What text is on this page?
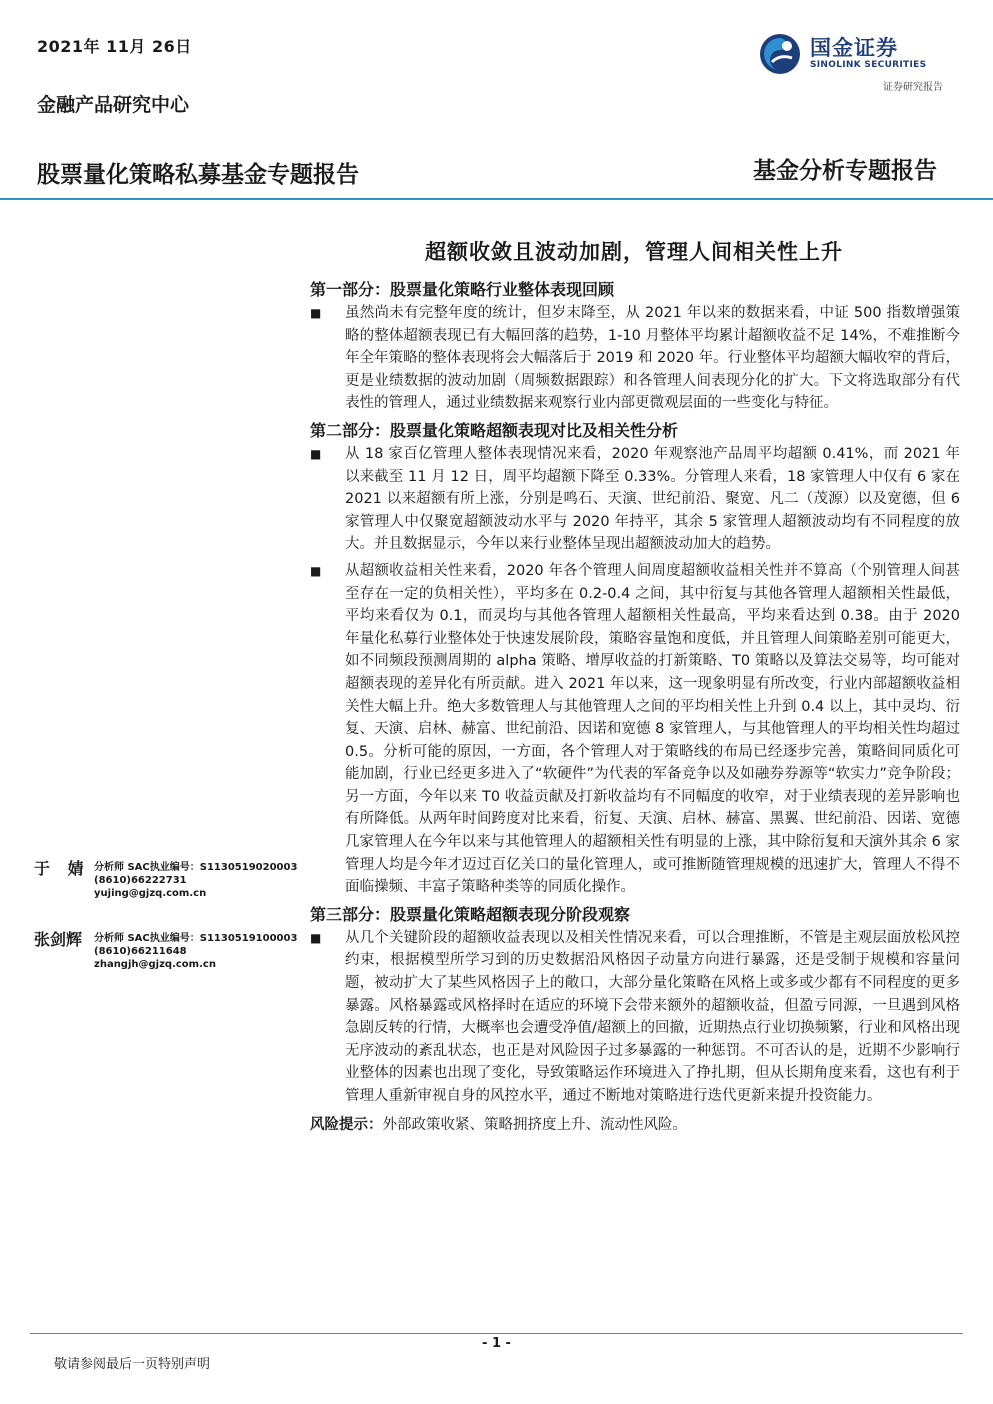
2021年 11月 26日
金融产品研究中心
股票量化策略私募基金专题报告	基金分析专题报告
国金证券
SINOLINK SECURITIES
证券研究报告
超额收敛且波动加剧，管理人间相关性上升

第一部分：股票量化策略行业整体表现回顾

■	虽然尚未有完整年度的统计，但岁末降至，从 2021 年以来的数据来看，中证 500 指数增强策略的整体超额表现已有大幅回落的趋势，1-10 月整体平均累计超额收益不足 14%，不难推断今年全年策略的整体表现将会大幅落后于 2019 和 2020 年。行业整体平均超额大幅收窄的背后，更是业绩数据的波动加剧（周频数据跟踪）和各管理人间表现分化的扩大。下文将选取部分有代表性的管理人，通过业绩数据来观察行业内部更微观层面的一些变化与特征。

第二部分：股票量化策略超额表现对比及相关性分析

■	从 18 家百亿管理人整体表现情况来看，2020 年观察池产品周平均超额 0.41%，而 2021 年以来截至 11 月 12 日，周平均超额下降至 0.33%。分管理人来看，18 家管理人中仅有 6 家在 2021 以来超额有所上涨，分别是鸣石、天演、世纪前沿、聚宽、凡二（茂源）以及宽德，但 6 家管理人中仅聚宽超额波动水平与 2020 年持平，其余 5 家管理人超额波动均有不同程度的放大。并且数据显示，今年以来行业整体呈现出超额波动加大的趋势。
■	从超额收益相关性来看，2020 年各个管理人间周度超额收益相关性并不算高（个别管理人间甚至存在一定的负相关性），平均多在 0.2-0.4 之间，其中衍复与其他各管理人超额相关性最低，平均来看仅为 0.1，而灵均与其他各管理人超额相关性最高，平均来看达到 0.38。由于 2020 年量化私募行业整体处于快速发展阶段，策略容量饱和度低，并且管理人间策略差别可能更大，如不同频段预测周期的 alpha 策略、增厚收益的打新策略、T0 策略以及算法交易等，均可能对超额表现的差异化有所贡献。进入 2021 年以来，这一现象明显有所改变，行业内部超额收益相关性大幅上升。绝大多数管理人与其他管理人之间的平均相关性上升到 0.4 以上，其中灵均、衍复、天演、启林、赫富、世纪前沿、因诺和宽德 8 家管理人，与其他管理人的平均相关性均超过 0.5。分析可能的原因，一方面，各个管理人对于策略线的布局已经逐步完善，策略间同质化可能加剧，行业已经更多进入了“软硬件”为代表的军备竞争以及如融券券源等“软实力”竞争阶段；另一方面，今年以来 T0 收益贡献及打新收益均有不同幅度的收窄，对于业绩表现的差异影响也有所降低。从两年时间跨度对比来看，衍复、天演、启林、赫富、黑翼、世纪前沿、因诺、宽德几家管理人在今年以来与其他管理人的超额相关性有明显的上涨，其中除衍复和天演外其余 6 家管理人均是今年才迈过百亿关口的量化管理人，或可推断随管理规模的迅速扩大，管理人不得不面临操频、丰富子策略种类等的同质化操作。

第三部分：股票量化策略超额表现分阶段观察

■	从几个关键阶段的超额收益表现以及相关性情况来看，可以合理推断，不管是主观层面放松风控约束，根据模型所学习到的历史数据沿风格因子动量方向进行暴露，还是受制于规模和容量问题，被动扩大了某些风格因子上的敞口，大部分量化策略在风格上或多或少都有不同程度的更多暴露。风格暴露或风格择时在适应的环境下会带来额外的超额收益，但盈亏同源，一旦遇到风格急剧反转的行情，大概率也会遭受净值/超额上的回撤，近期热点行业切换频繁，行业和风格出现无序波动的紊乱状态，也正是对风险因子过多暴露的一种惩罚。不可否认的是，近期不少影响行业整体的因素也出现了变化，导致策略运作环境进入了挣扎期，但从长期角度来看，这也有利于管理人重新审视自身的风控水平，通过不断地对策略进行迭代更新来提升投资能力。
风险提示：外部政策收紧、策略拥挤度上升、流动性风险。
于 婧 分析师 SAC执业编号：S1130519020003
(8610)66222731
yujing@gjzq.com.cn
张剑辉	分析师 SAC执业编号：S1130519100003
(8610)66211648
zhangjh@gjzq.com.cn
- 1 -
敬请参阅最后一页特别声明
